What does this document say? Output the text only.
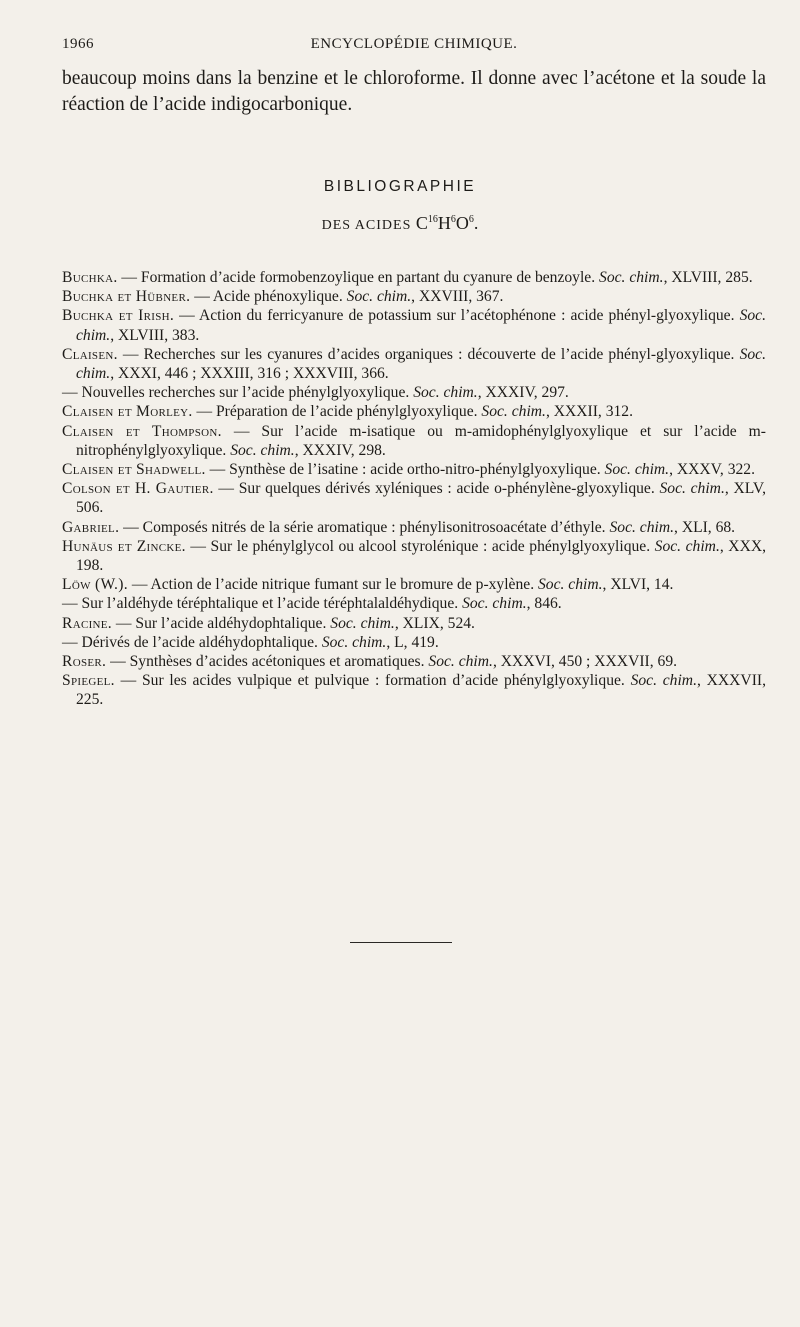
1966	ENCYCLOPÉDIE CHIMIQUE.

beaucoup moins dans la benzine et le chloroforme. Il donne avec l’acétone et la soude la réaction de l’acide indigocarbonique.

BIBLIOGRAPHIE
DES ACIDES $C^{16}H^6O^6$.

Buchka. — Formation d’acide formobenzoylique en partant du cyanure de benzoyle. Soc. chim., XLVIII, 285.

Buchka et Hübner. — Acide phénoxylique. Soc. chim., XXVIII, 367.

Buchka et Irish. — Action du ferricyanure de potassium sur l’acétophénone : acide phényl-glyoxylique. Soc. chim., XLVIII, 383.

Claisen. — Recherches sur les cyanures d’acides organiques : découverte de l’acide phényl-glyoxylique. Soc. chim., XXXI, 446 ; XXXIII, 316 ; XXXVIII, 366.

— Nouvelles recherches sur l’acide phénylglyoxylique. Soc. chim., XXXIV, 297.

Claisen et Morley. — Préparation de l’acide phénylglyoxylique. Soc. chim., XXXII, 312.

Claisen et Thompson. — Sur l’acide m-isatique ou m-amidophénylglyoxylique et sur l’acide m-nitrophénylglyoxylique. Soc. chim., XXXIV, 298.

Claisen et Shadwell. — Synthèse de l’isatine : acide ortho-nitro-phénylglyoxylique. Soc. chim., XXXV, 322.

Colson et H. Gautier. — Sur quelques dérivés xyléniques : acide o-phénylène-glyoxylique. Soc. chim., XLV, 506.

Gabriel. — Composés nitrés de la série aromatique : phénylisonitrosoacétate d’éthyle. Soc. chim., XLI, 68.

Hunäus et Zincke. — Sur le phénylglycol ou alcool styrolénique : acide phénylglyoxylique. Soc. chim., XXX, 198.

Löw (W.). — Action de l’acide nitrique fumant sur le bromure de p-xylène. Soc. chim., XLVI, 14.

— Sur l’aldéhyde téréphtalique et l’acide téréphtalaldéhydique. Soc. chim., 846.

Racine. — Sur l’acide aldéhydophtalique. Soc. chim., XLIX, 524.

— Dérivés de l’acide aldéhydophtalique. Soc. chim., L, 419.

Roser. — Synthèses d’acides acétoniques et aromatiques. Soc. chim., XXXVI, 450 ; XXXVII, 69.

Spiegel. — Sur les acides vulpique et pulvique : formation d’acide phénylglyoxylique. Soc. chim., XXXVII, 225.
